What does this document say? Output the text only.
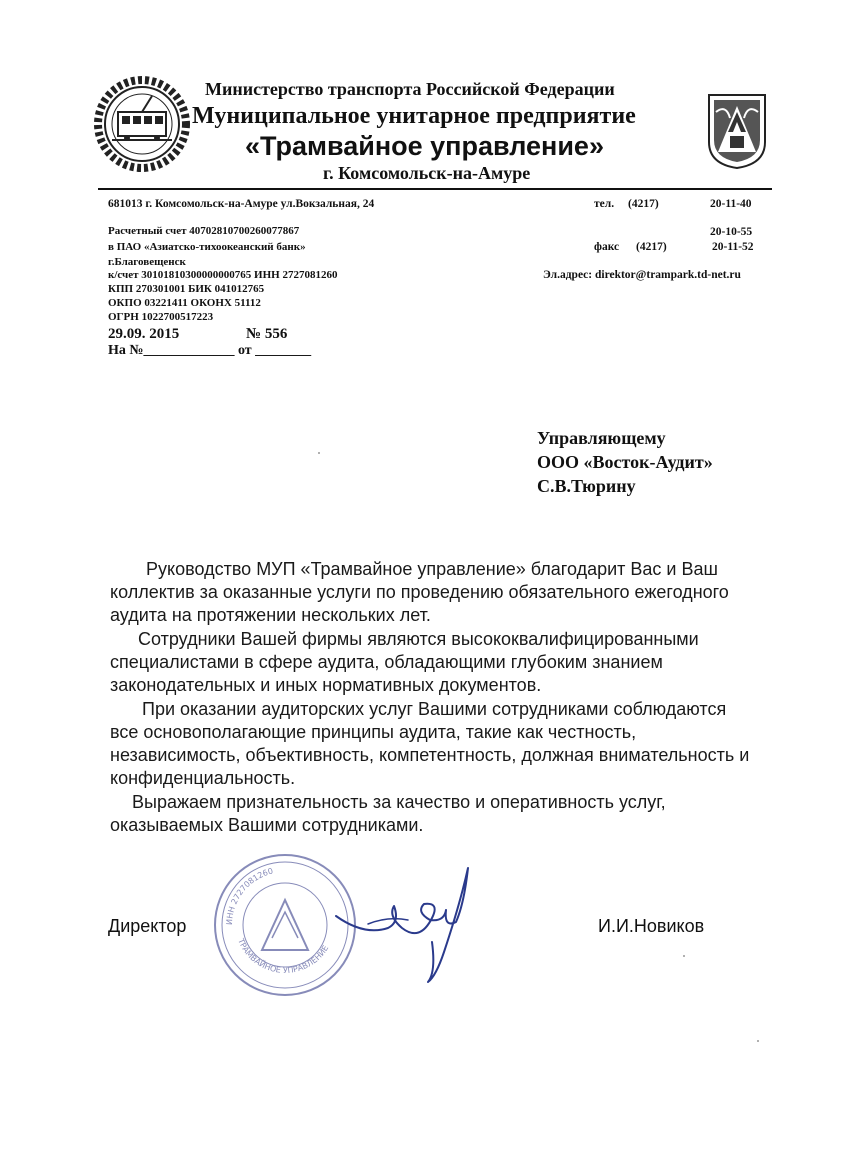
Министерство транспорта Российской Федерации
Муниципальное унитарное предприятие
«Трамвайное управление»
г. Комсомольск-на-Амуре
681013 г. Комсомольск-на-Амуре ул.Вокзальная, 24
Расчетный счет 40702810700260077867
в ПАО «Азиатско-тихоокеанский банк»
г.Благовещенск
к/счет 30101810300000000765 ИНН 2727081260
КПП 270301001 БИК 041012765
ОКПО 03221411 ОКОНХ 51112
ОГРН 1022700517223
тел. (4217)	20-11-40
20-10-55
факс (4217)	20-11-52
Эл.адрес: direktor@trampark.td-net.ru
29.09. 2015	№ 556
На №_____________ от ________
Управляющему
ООО «Восток-Аудит»
С.В.Тюрину

Руководство МУП «Трамвайное управление» благодарит Вас и Ваш коллектив за оказанные услуги по проведению обязательного ежегодного аудита на протяжении нескольких лет.

Сотрудники Вашей фирмы являются высококвалифицированными специалистами в сфере аудита, обладающими глубоким знанием законодательных и иных нормативных документов.

При оказании аудиторских услуг Вашими сотрудниками соблюдаются все основополагающие принципы аудита, такие как честность, независимость, объективность, компетентность, должная внимательность и конфиденциальность.

Выражаем признательность за качество и оперативность услуг, оказываемых Вашими сотрудниками.

ИНН 2727081260
ТРАМВАЙНОЕ УПРАВЛЕНИЕ
Директор	И.И.Новиков
